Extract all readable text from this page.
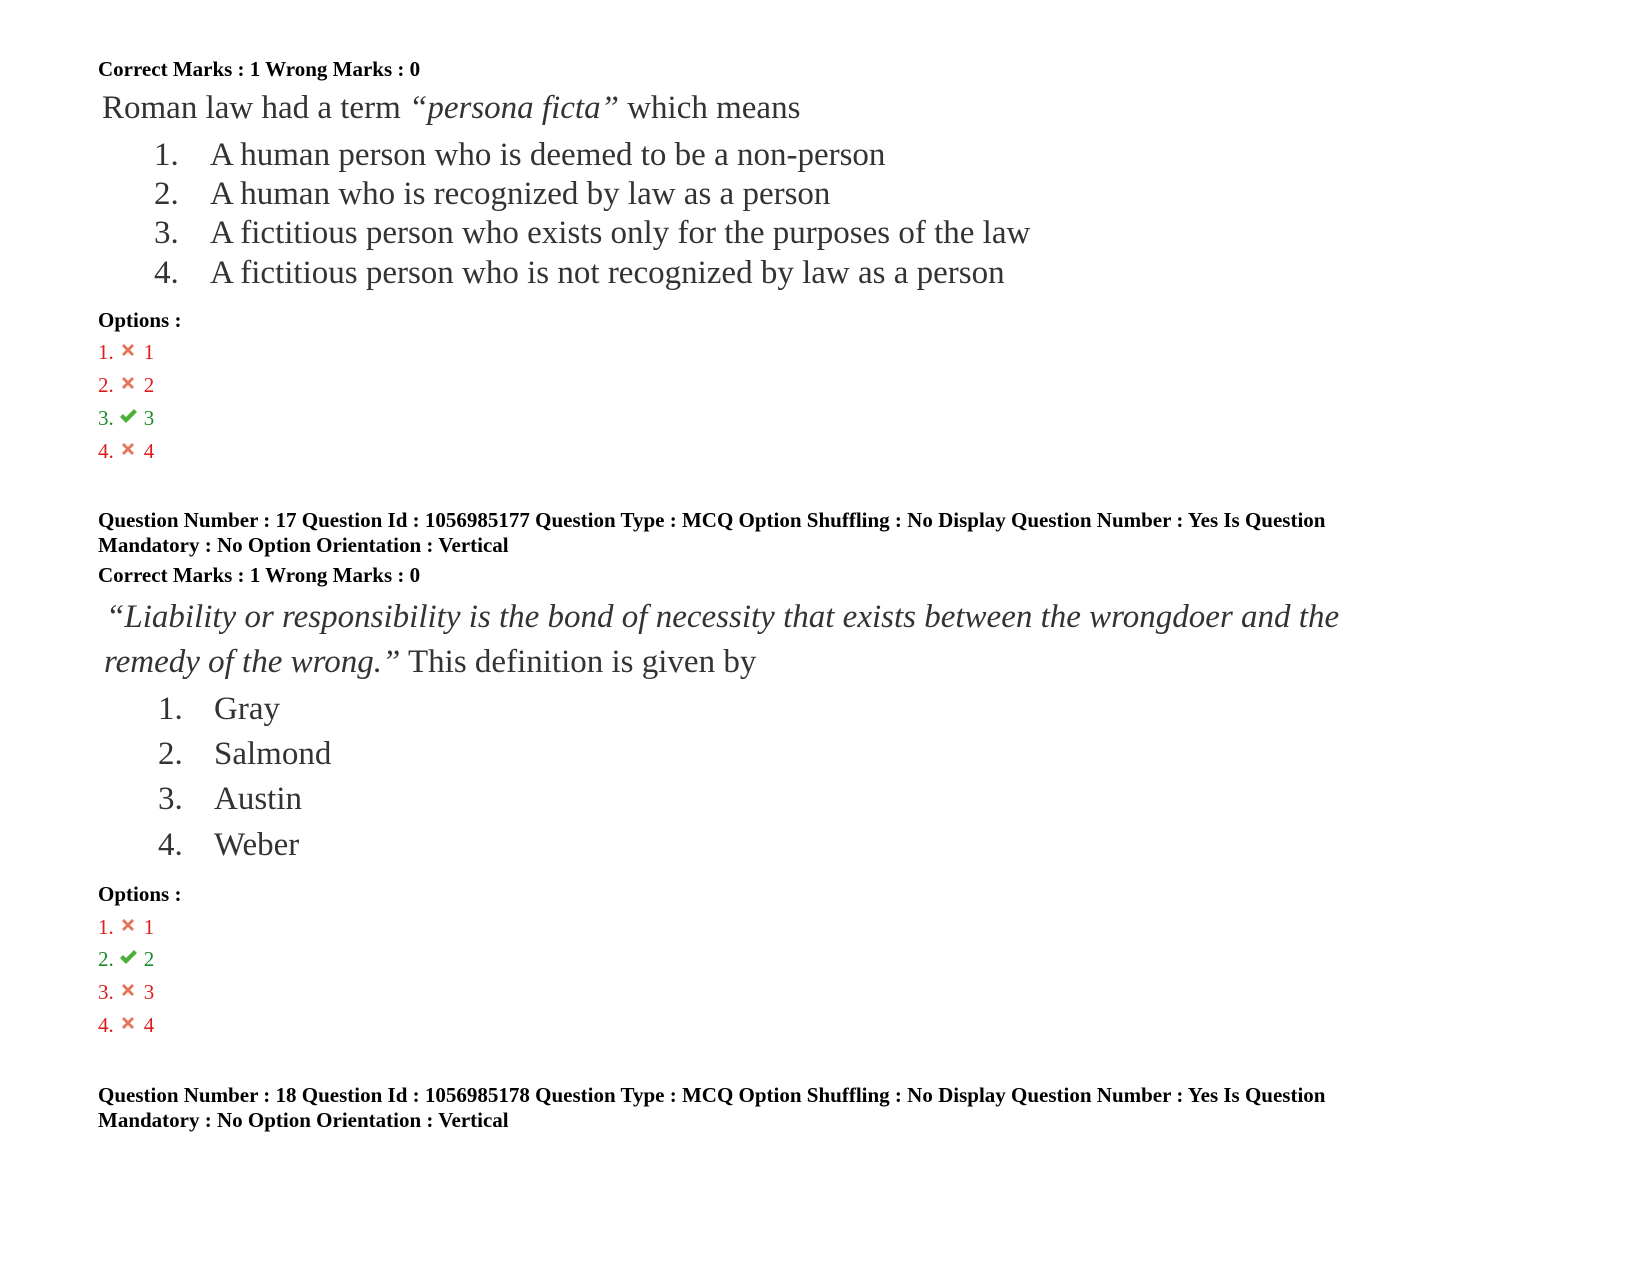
Correct Marks : 1 Wrong Marks : 0
Roman law had a term “persona ficta” which means
1. A human person who is deemed to be a non-person
2. A human who is recognized by law as a person
3. A fictitious person who exists only for the purposes of the law
4. A fictitious person who is not recognized by law as a person
Options :
1. 1
2. 2
3. 3
4. 4
Question Number : 17 Question Id : 1056985177 Question Type : MCQ Option Shuffling : No Display Question Number : Yes Is Question
Mandatory : No Option Orientation : Vertical
Correct Marks : 1 Wrong Marks : 0
“Liability or responsibility is the bond of necessity that exists between the wrongdoer and the
remedy of the wrong.” This definition is given by
1. Gray
2. Salmond
3. Austin
4. Weber
Options :
1. 1
2. 2
3. 3
4. 4
Question Number : 18 Question Id : 1056985178 Question Type : MCQ Option Shuffling : No Display Question Number : Yes Is Question
Mandatory : No Option Orientation : Vertical
